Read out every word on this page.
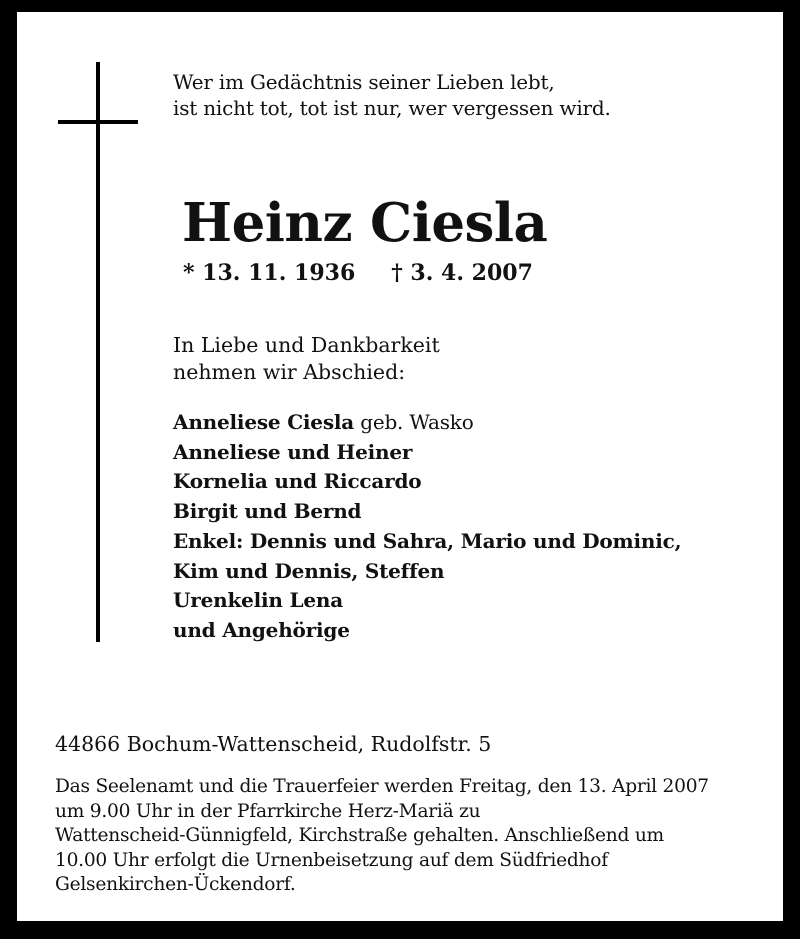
Wer im Gedächtnis seiner Lieben lebt,
ist nicht tot, tot ist nur, wer vergessen wird.
Heinz Ciesla
* 13. 11. 1936 † 3. 4. 2007
In Liebe und Dankbarkeit
nehmen wir Abschied:
Anneliese Ciesla geb. Wasko
Anneliese und Heiner
Kornelia und Riccardo
Birgit und Bernd
Enkel: Dennis und Sahra, Mario und Dominic,
Kim und Dennis, Steffen
Urenkelin Lena
und Angehörige
44866 Bochum-Wattenscheid, Rudolfstr. 5
Das Seelenamt und die Trauerfeier werden Freitag, den 13. April 2007
um 9.00 Uhr in der Pfarrkirche Herz-Mariä zu
Wattenscheid-Günnigfeld, Kirchstraße gehalten. Anschließend um
10.00 Uhr erfolgt die Urnenbeisetzung auf dem Südfriedhof
Gelsenkirchen-Ückendorf.
